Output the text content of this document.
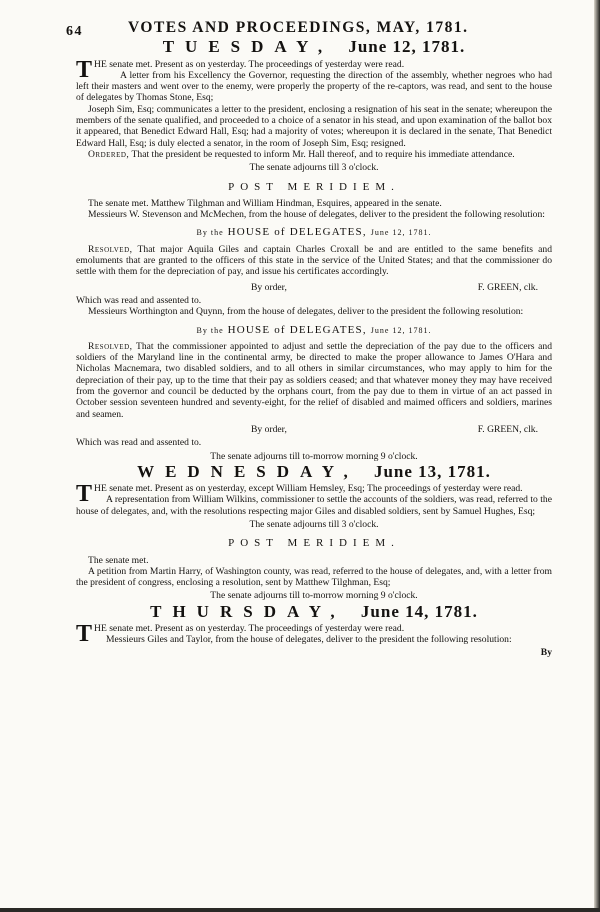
64	VOTES AND PROCEEDINGS, MAY, 1781.
TUESDAY, June 12, 1781.

THE senate met. Present as on yesterday. The proceedings of yesterday were read.

A letter from his Excellency the Governor, requesting the direction of the assembly, whether negroes who had left their masters and went over to the enemy, were properly the property of the re-captors, was read, and sent to the house of delegates by Thomas Stone, Esq;

Joseph Sim, Esq; communicates a letter to the president, enclosing a resignation of his seat in the senate; whereupon the members of the senate qualified, and proceeded to a choice of a senator in his stead, and upon examination of the ballot box it appeared, that Benedict Edward Hall, Esq; had a majority of votes; whereupon it is declared in the senate, That Benedict Edward Hall, Esq; is duly elected a senator, in the room of Joseph Sim, Esq; resigned.

Ordered, That the president be requested to inform Mr. Hall thereof, and to require his immediate attendance.

The senate adjourns till 3 o'clock.

POST MERIDIEM.

The senate met. Matthew Tilghman and William Hindman, Esquires, appeared in the senate.

Messieurs W. Stevenson and McMechen, from the house of delegates, deliver to the president the following resolution:

By the HOUSE of DELEGATES, June 12, 1781.

Resolved, That major Aquila Giles and captain Charles Croxall be and are entitled to the same benefits and emoluments that are granted to the officers of this state in the service of the United States; and that the commissioner do settle with them for the depreciation of pay, and issue his certificates accordingly.

By order,	F. GREEN, clk.

Which was read and assented to.

Messieurs Worthington and Quynn, from the house of delegates, deliver to the president the following resolution:

By the HOUSE of DELEGATES, June 12, 1781.

Resolved, That the commissioner appointed to adjust and settle the depreciation of the pay due to the officers and soldiers of the Maryland line in the continental army, be directed to make the proper allowance to James O'Hara and Nicholas Macnemara, two disabled soldiers, and to all others in similar circumstances, who may apply to him for the depreciation of their pay, up to the time that their pay as soldiers ceased; and that whatever money they may have received from the governor and council be deducted by the orphans court, from the pay due to them in virtue of an act passed in October session seventeen hundred and seventy-eight, for the relief of disabled and maimed officers and soldiers, marines and seamen.

By order,	F. GREEN, clk.

Which was read and assented to.

The senate adjourns till to-morrow morning 9 o'clock.

WEDNESDAY, June 13, 1781.

THE senate met. Present as on yesterday, except William Hemsley, Esq; The proceedings of yesterday were read.

A representation from William Wilkins, commissioner to settle the accounts of the soldiers, was read, referred to the house of delegates, and, with the resolutions respecting major Giles and disabled soldiers, sent by Samuel Hughes, Esq;

The senate adjourns till 3 o'clock.

POST MERIDIEM.

The senate met.

A petition from Martin Harry, of Washington county, was read, referred to the house of delegates, and, with a letter from the president of congress, enclosing a resolution, sent by Matthew Tilghman, Esq;

The senate adjourns till to-morrow morning 9 o'clock.

THURSDAY, June 14, 1781.

THE senate met. Present as on yesterday. The proceedings of yesterday were read.

Messieurs Giles and Taylor, from the house of delegates, deliver to the president the following resolution:

By
